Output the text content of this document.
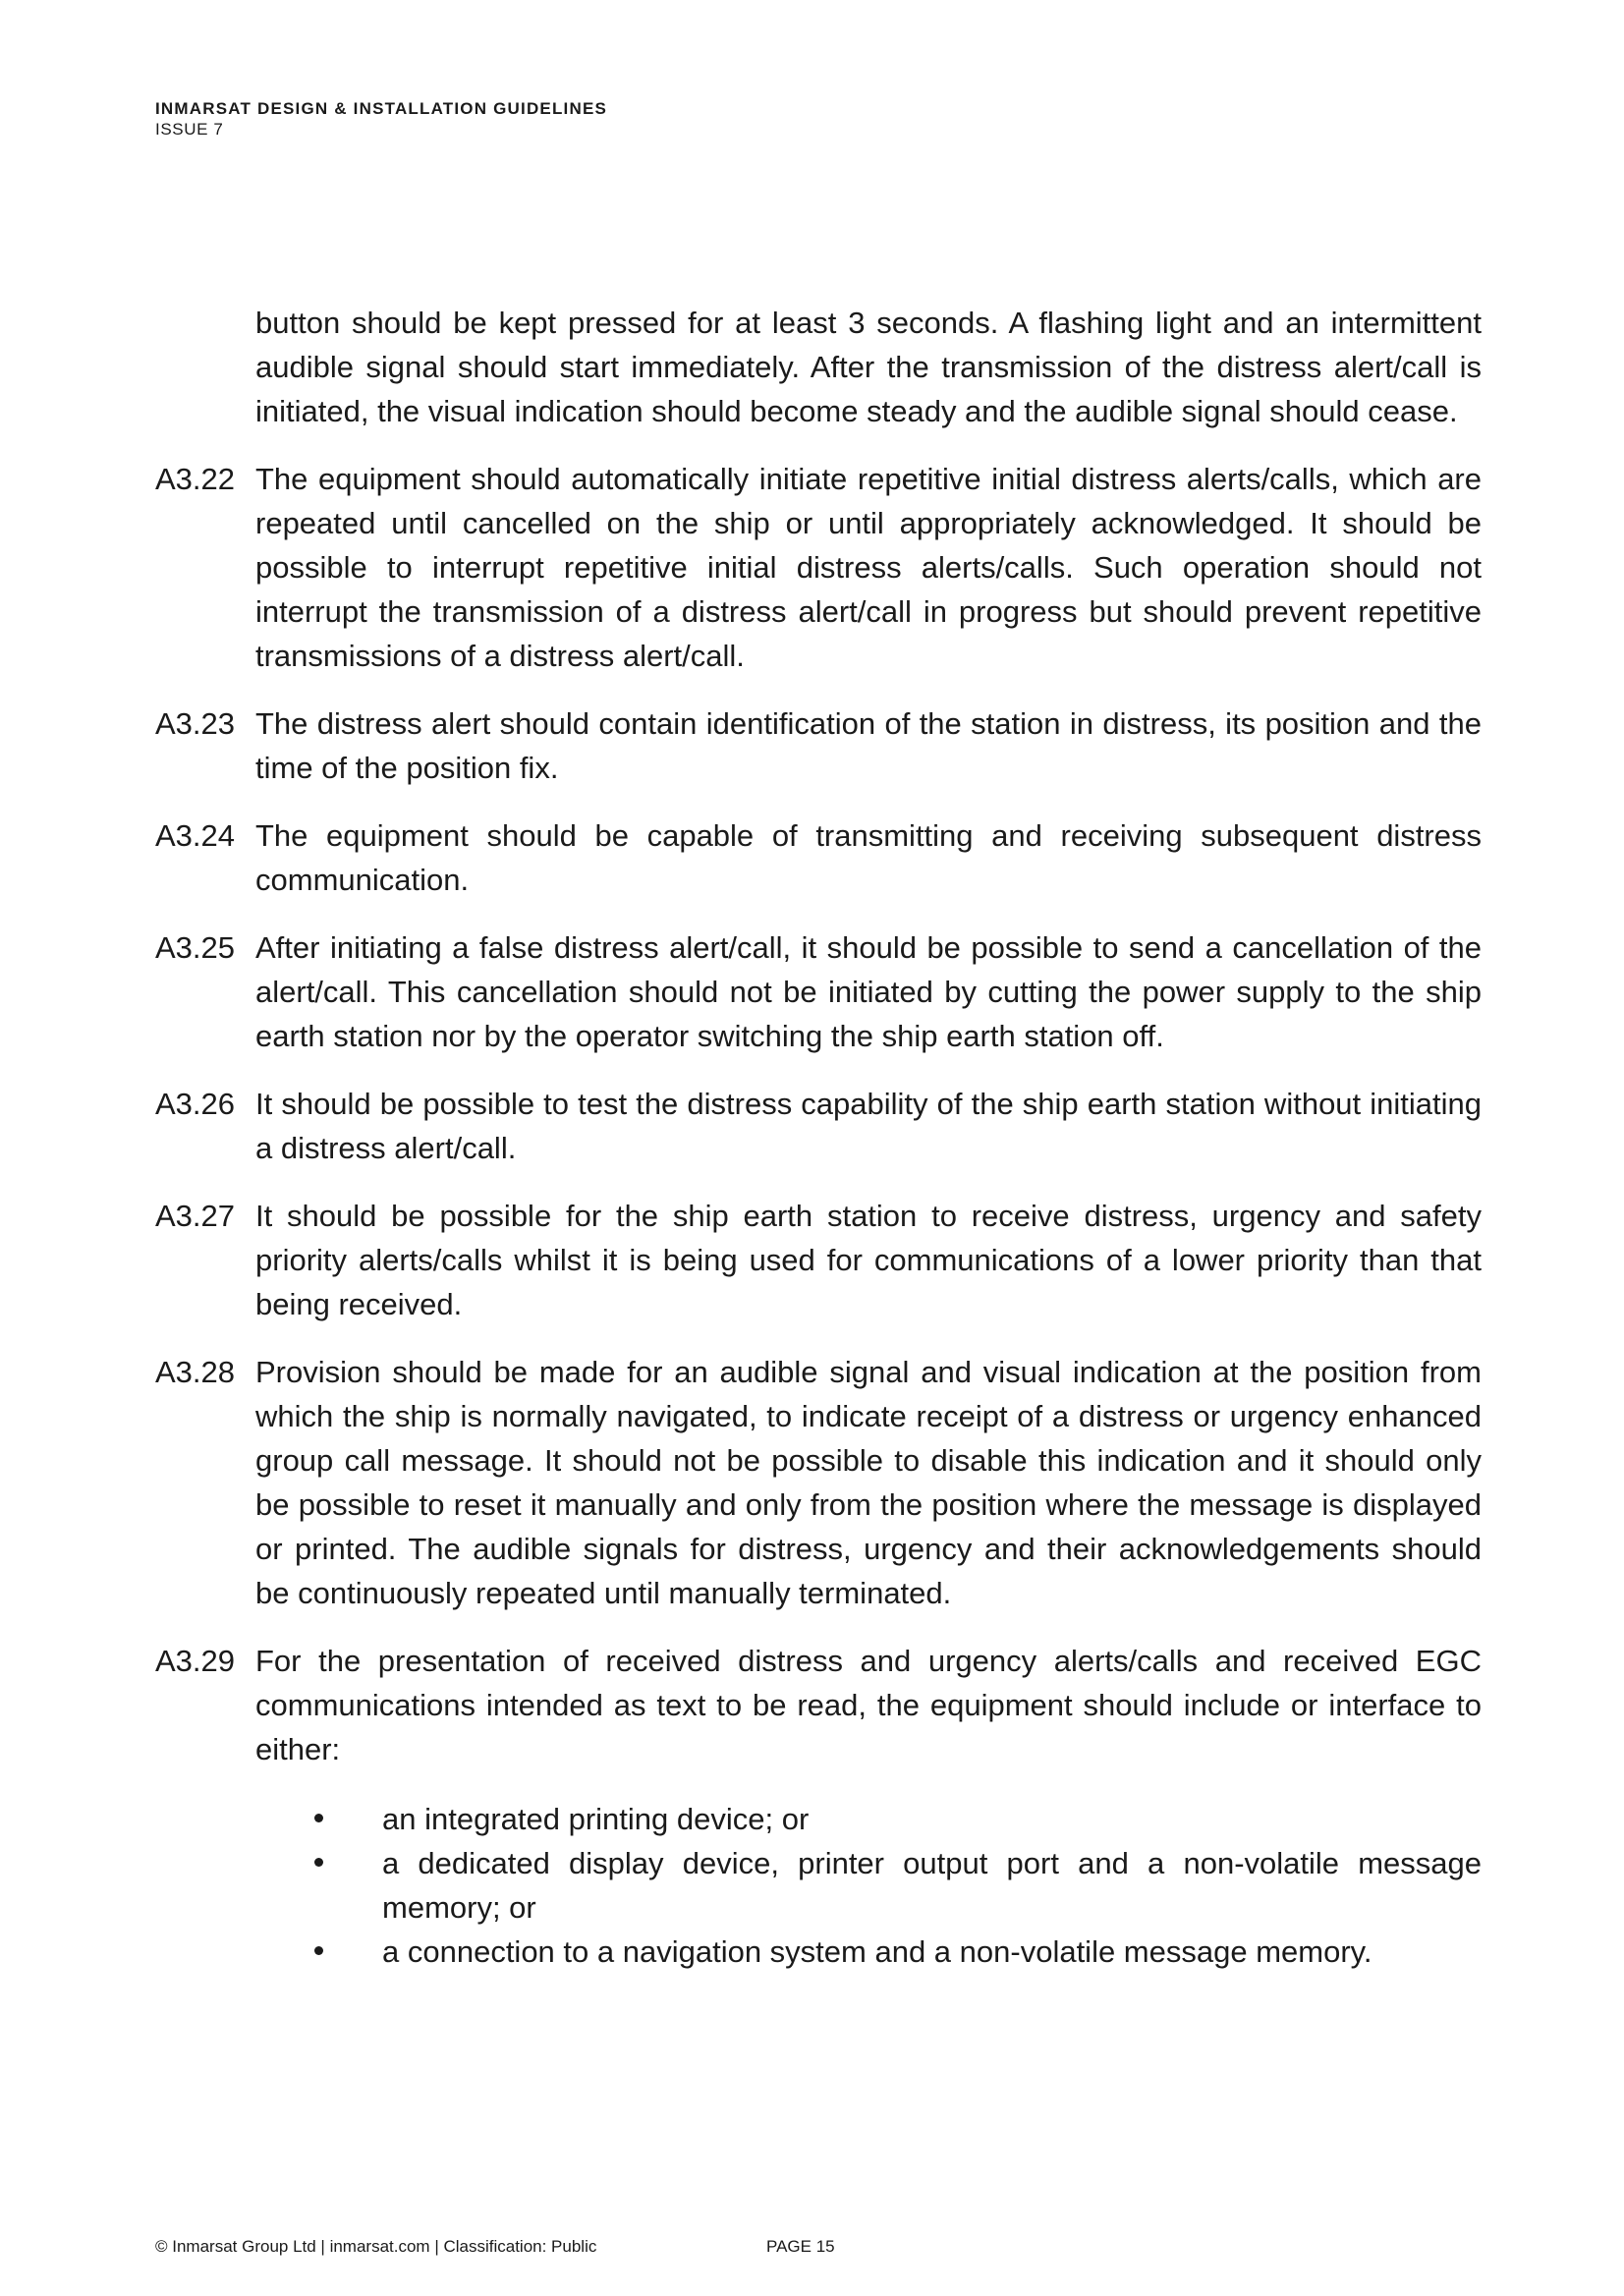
INMARSAT DESIGN & INSTALLATION GUIDELINES
ISSUE 7
button should be kept pressed for at least 3 seconds. A flashing light and an intermittent audible signal should start immediately. After the transmission of the distress alert/call is initiated, the visual indication should become steady and the audible signal should cease.
A3.22 The equipment should automatically initiate repetitive initial distress alerts/calls, which are repeated until cancelled on the ship or until appropriately acknowledged. It should be possible to interrupt repetitive initial distress alerts/calls. Such operation should not interrupt the transmission of a distress alert/call in progress but should prevent repetitive transmissions of a distress alert/call.
A3.23 The distress alert should contain identification of the station in distress, its position and the time of the position fix.
A3.24 The equipment should be capable of transmitting and receiving subsequent distress communication.
A3.25 After initiating a false distress alert/call, it should be possible to send a cancellation of the alert/call. This cancellation should not be initiated by cutting the power supply to the ship earth station nor by the operator switching the ship earth station off.
A3.26 It should be possible to test the distress capability of the ship earth station without initiating a distress alert/call.
A3.27 It should be possible for the ship earth station to receive distress, urgency and safety priority alerts/calls whilst it is being used for communications of a lower priority than that being received.
A3.28 Provision should be made for an audible signal and visual indication at the position from which the ship is normally navigated, to indicate receipt of a distress or urgency enhanced group call message. It should not be possible to disable this indication and it should only be possible to reset it manually and only from the position where the message is displayed or printed. The audible signals for distress, urgency and their acknowledgements should be continuously repeated until manually terminated.
A3.29 For the presentation of received distress and urgency alerts/calls and received EGC communications intended as text to be read, the equipment should include or interface to either:
an integrated printing device; or
a dedicated display device, printer output port and a non-volatile message memory; or
a connection to a navigation system and a non-volatile message memory.
© Inmarsat Group Ltd | inmarsat.com | Classification: Public	PAGE 15
